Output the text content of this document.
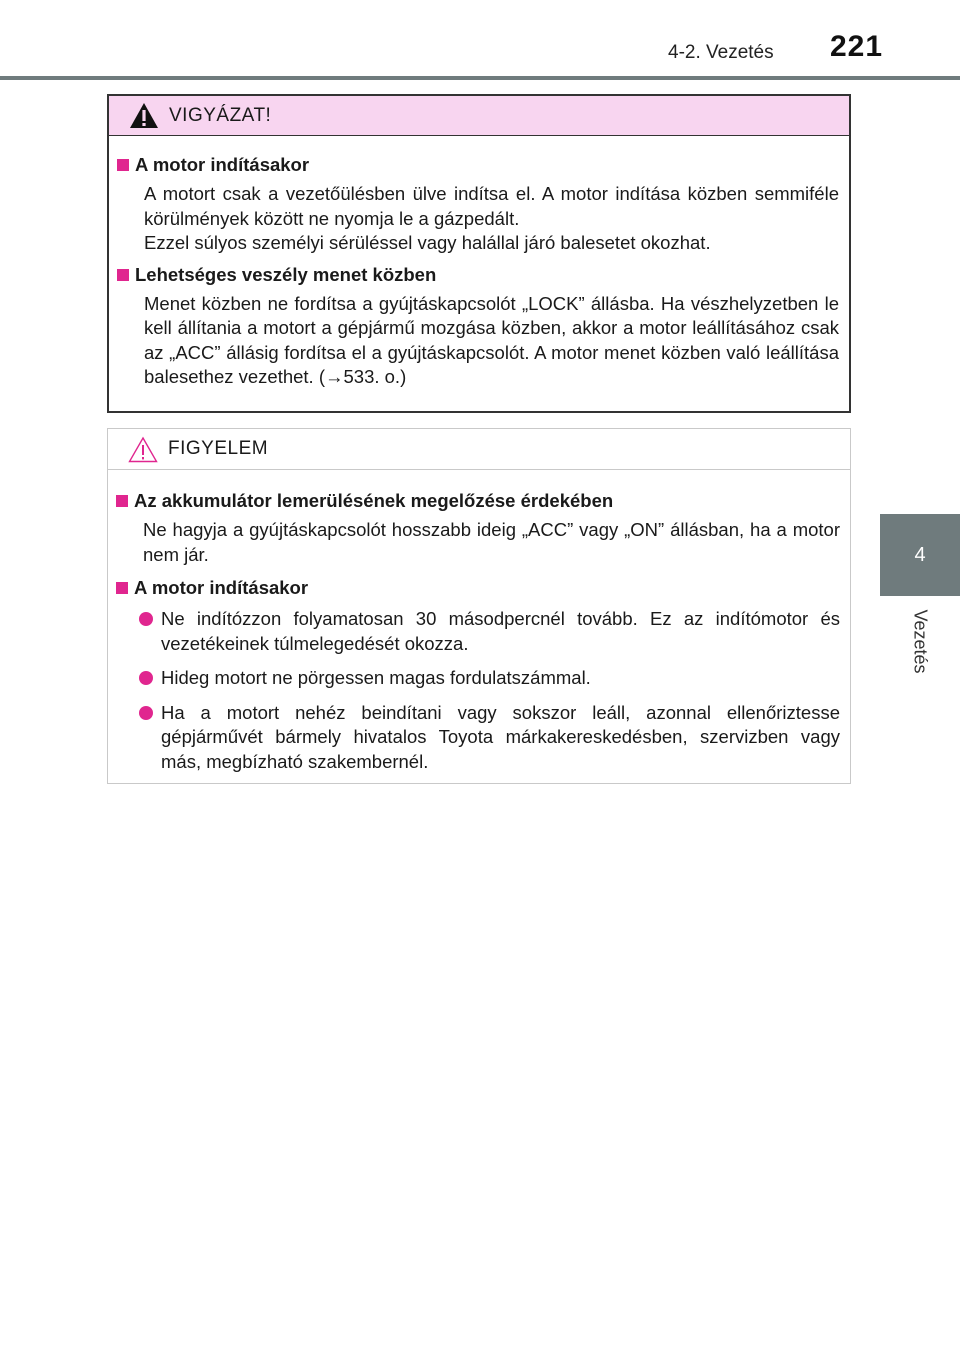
4-2. Vezetés 221
4
Vezetés
VIGYÁZAT!
A motor indításakor
A motort csak a vezetőülésben ülve indítsa el. A motor indítása közben semmiféle körülmények között ne nyomja le a gázpedált.
Ezzel súlyos személyi sérüléssel vagy halállal járó balesetet okozhat.
Lehetséges veszély menet közben
Menet közben ne fordítsa a gyújtáskapcsolót „LOCK” állásba. Ha vészhelyzetben le kell állítania a motort a gépjármű mozgása közben, akkor a motor leállításához csak az „ACC” állásig fordítsa el a gyújtáskapcsolót. A motor menet közben való leállítása balesethez vezethet. (→533. o.)
FIGYELEM
Az akkumulátor lemerülésének megelőzése érdekében
Ne hagyja a gyújtáskapcsolót hosszabb ideig „ACC” vagy „ON” állásban, ha a motor nem jár.
A motor indításakor
Ne indítózzon folyamatosan 30 másodpercnél tovább. Ez az indítómotor és vezetékeinek túlmelegedését okozza.
Hideg motort ne pörgessen magas fordulatszámmal.
Ha a motort nehéz beindítani vagy sokszor leáll, azonnal ellenőriztesse gépjárművét bármely hivatalos Toyota márkakereskedésben, szervizben vagy más, megbízható szakembernél.
